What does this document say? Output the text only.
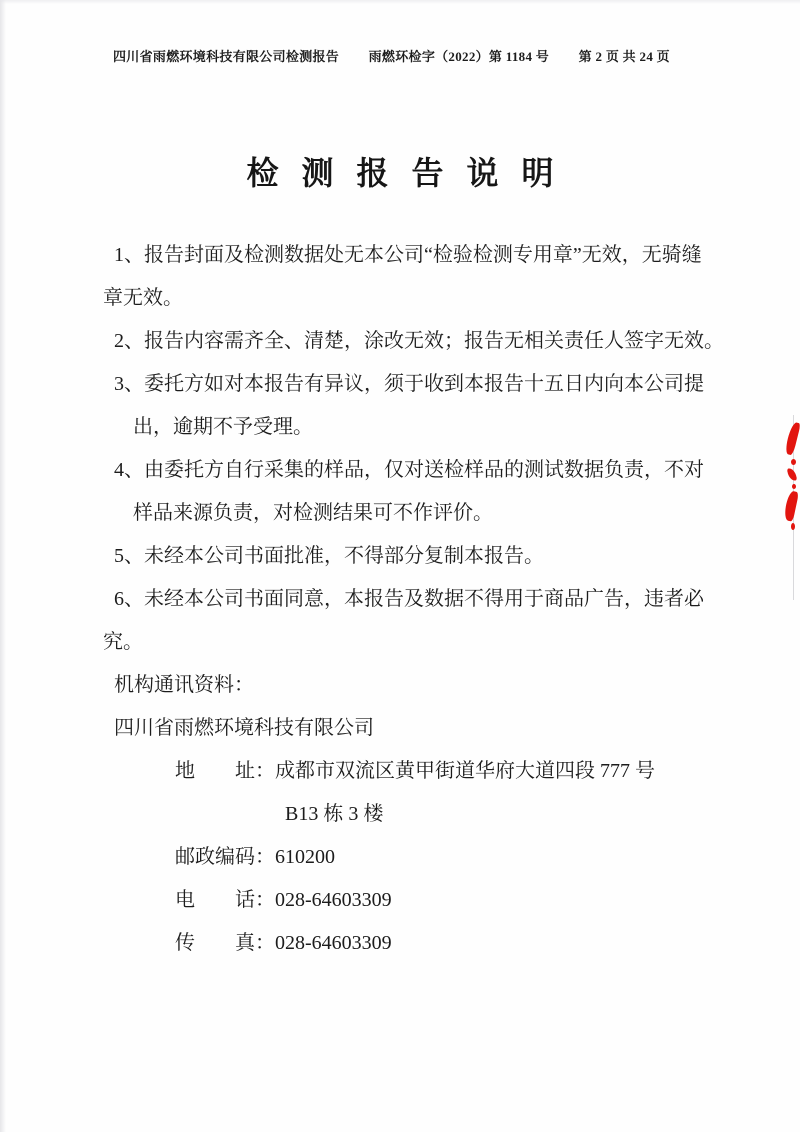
四川省雨燃环境科技有限公司检测报告 雨燃环检字（2022）第 1184 号 第 2 页 共 24 页
检测报告说明
1、报告封面及检测数据处无本公司“检验检测专用章”无效，无骑缝
章无效。
2、报告内容需齐全、清楚，涂改无效；报告无相关责任人签字无效。
3、委托方如对本报告有异议，须于收到本报告十五日内向本公司提
出，逾期不予受理。
4、由委托方自行采集的样品，仅对送检样品的测试数据负责，不对
样品来源负责，对检测结果可不作评价。
5、未经本公司书面批准，不得部分复制本报告。
6、未经本公司书面同意，本报告及数据不得用于商品广告，违者必
究。
机构通讯资料：
四川省雨燃环境科技有限公司
地　　址：成都市双流区黄甲街道华府大道四段 777 号
B13 栋 3 楼
邮政编码：610200
电　　话：028-64603309
传　　真：028-64603309
